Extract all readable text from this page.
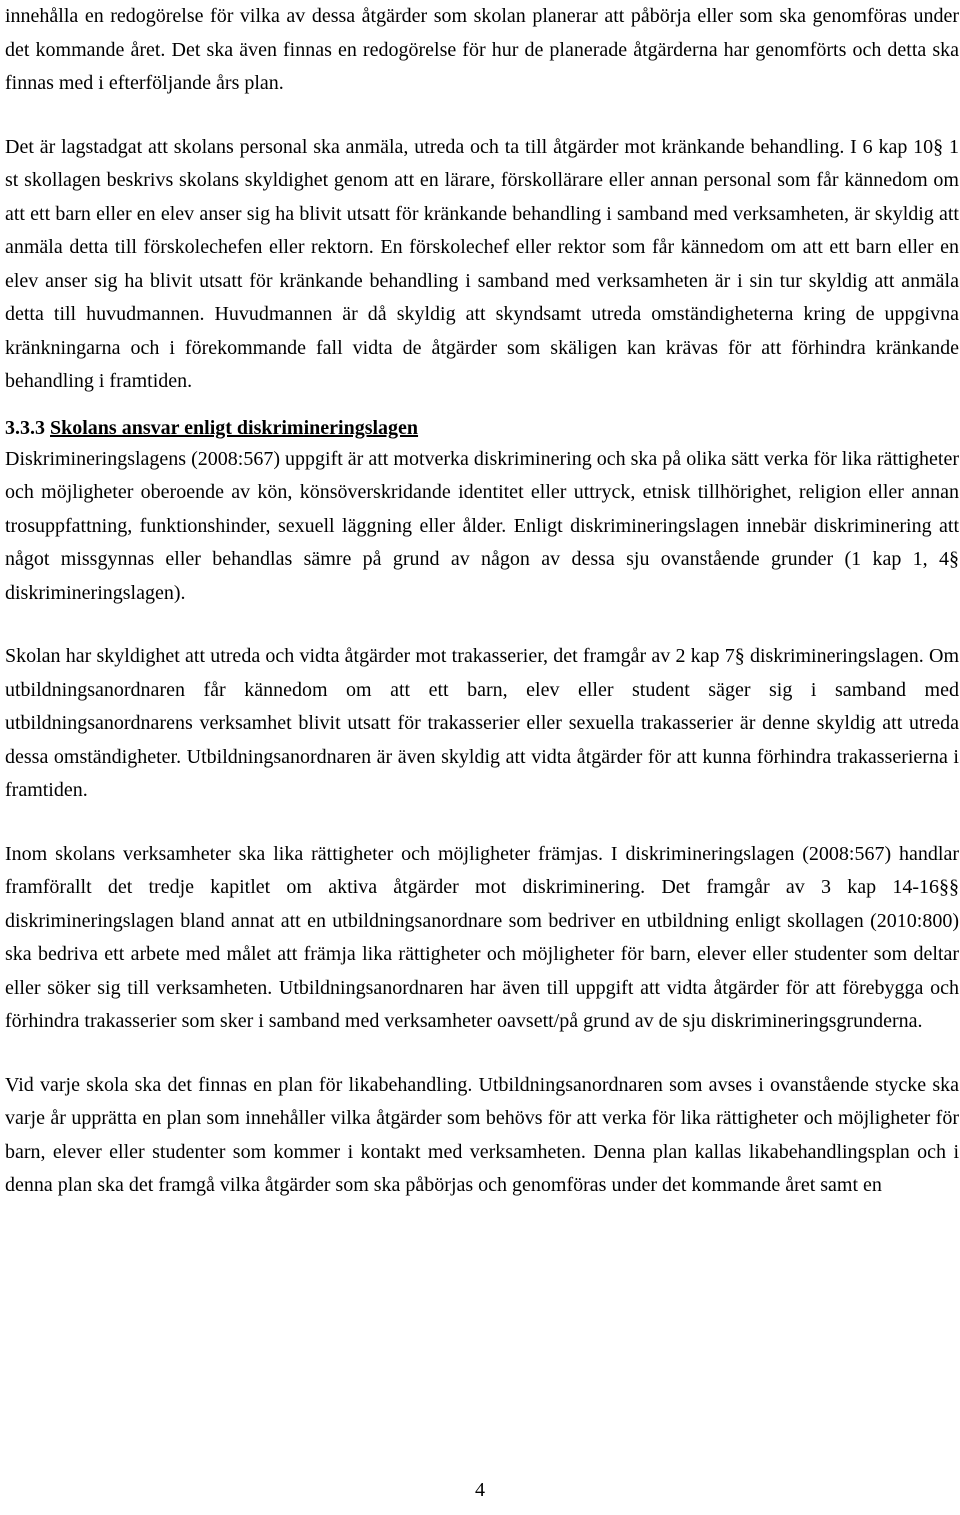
innehålla en redogörelse för vilka av dessa åtgärder som skolan planerar att påbörja eller som ska genomföras under det kommande året. Det ska även finnas en redogörelse för hur de planerade åtgärderna har genomförts och detta ska finnas med i efterföljande års plan.

Det är lagstadgat att skolans personal ska anmäla, utreda och ta till åtgärder mot kränkande behandling. I 6 kap 10§ 1 st skollagen beskrivs skolans skyldighet genom att en lärare, förskollärare eller annan personal som får kännedom om att ett barn eller en elev anser sig ha blivit utsatt för kränkande behandling i samband med verksamheten, är skyldig att anmäla detta till förskolechefen eller rektorn. En förskolechef eller rektor som får kännedom om att ett barn eller en elev anser sig ha blivit utsatt för kränkande behandling i samband med verksamheten är i sin tur skyldig att anmäla detta till huvudmannen. Huvudmannen är då skyldig att skyndsamt utreda omständigheterna kring de uppgivna kränkningarna och i förekommande fall vidta de åtgärder som skäligen kan krävas för att förhindra kränkande behandling i framtiden.

3.3.3 Skolans ansvar enligt diskrimineringslagen

Diskrimineringslagens (2008:567) uppgift är att motverka diskriminering och ska på olika sätt verka för lika rättigheter och möjligheter oberoende av kön, könsöverskridande identitet eller uttryck, etnisk tillhörighet, religion eller annan trosuppfattning, funktionshinder, sexuell läggning eller ålder. Enligt diskrimineringslagen innebär diskriminering att något missgynnas eller behandlas sämre på grund av någon av dessa sju ovanstående grunder (1 kap 1, 4§ diskrimineringslagen).

Skolan har skyldighet att utreda och vidta åtgärder mot trakasserier, det framgår av 2 kap 7§ diskrimineringslagen. Om utbildningsanordnaren får kännedom om att ett barn, elev eller student säger sig i samband med utbildningsanordnarens verksamhet blivit utsatt för trakasserier eller sexuella trakasserier är denne skyldig att utreda dessa omständigheter. Utbildningsanordnaren är även skyldig att vidta åtgärder för att kunna förhindra trakasserierna i framtiden.

Inom skolans verksamheter ska lika rättigheter och möjligheter främjas. I diskrimineringslagen (2008:567) handlar framförallt det tredje kapitlet om aktiva åtgärder mot diskriminering. Det framgår av 3 kap 14-16§§ diskrimineringslagen bland annat att en utbildningsanordnare som bedriver en utbildning enligt skollagen (2010:800) ska bedriva ett arbete med målet att främja lika rättigheter och möjligheter för barn, elever eller studenter som deltar eller söker sig till verksamheten. Utbildningsanordnaren har även till uppgift att vidta åtgärder för att förebygga och förhindra trakasserier som sker i samband med verksamheter oavsett/på grund av de sju diskrimineringsgrunderna.

Vid varje skola ska det finnas en plan för likabehandling. Utbildningsanordnaren som avses i ovanstående stycke ska varje år upprätta en plan som innehåller vilka åtgärder som behövs för att verka för lika rättigheter och möjligheter för barn, elever eller studenter som kommer i kontakt med verksamheten. Denna plan kallas likabehandlingsplan och i denna plan ska det framgå vilka åtgärder som ska påbörjas och genomföras under det kommande året samt en

4
